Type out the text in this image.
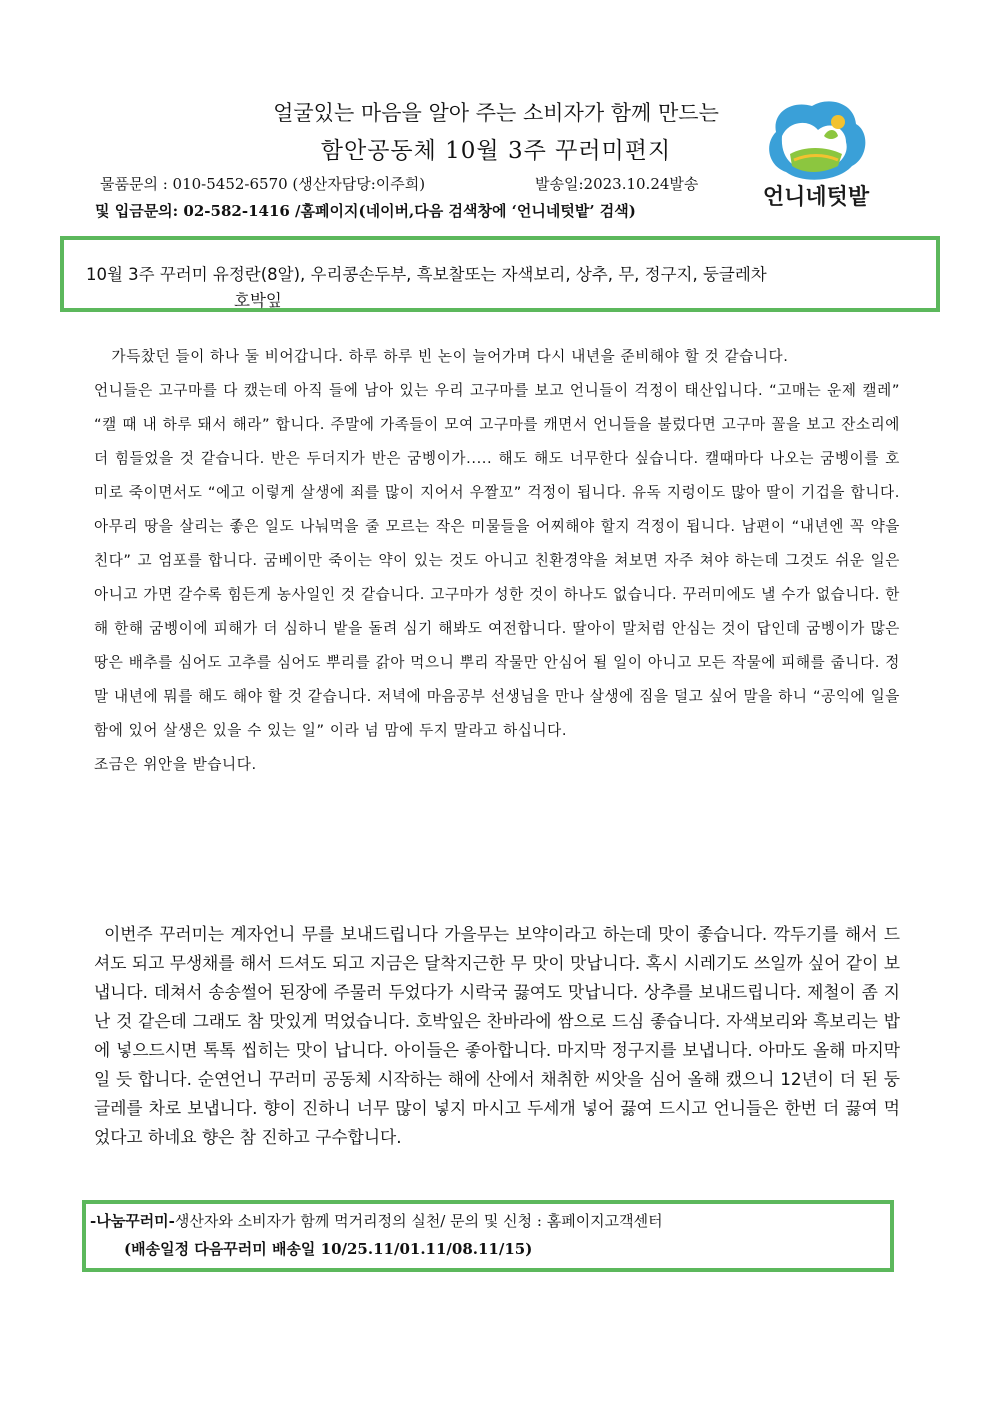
얼굴있는 마음을 알아 주는 소비자가 함께 만드는
함안공동체 10월 3주 꾸러미편지
언니네텃밭
물품문의 : 010-5452-6570 (생산자담당:이주희)	발송일:2023.10.24발송
및 입금문의: 02-582-1416 /홈페이지(네이버,다음 검색창에 ‘언니네텃밭’ 검색)
10월 3주 꾸러미 유정란(8알), 우리콩손두부, 흑보찰또는 자색보리, 상추, 무, 정구지, 둥글레차
호박잎

가득찼던 들이 하나 둘 비어갑니다. 하루 하루 빈 논이 늘어가며 다시 내년을 준비해야 할 것 같습니다.

언니들은 고구마를 다 캤는데 아직 들에 남아 있는 우리 고구마를 보고 언니들이 걱정이 태산입니다. “고매는 운제 캘레” “캘 때 내 하루 돼서 해라” 합니다. 주말에 가족들이 모여 고구마를 캐면서 언니들을 불렀다면 고구마 꼴을 보고 잔소리에 더 힘들었을 것 같습니다. 반은 두더지가 반은 굼벵이가..... 해도 해도 너무한다 싶습니다. 캘때마다 나오는 굼벵이를 호미로 죽이면서도 “에고 이렇게 살생에 죄를 많이 지어서 우짤꼬” 걱정이 됩니다. 유독 지렁이도 많아 딸이 기겁을 합니다. 아무리 땅을 살리는 좋은 일도 나눠먹을 줄 모르는 작은 미물들을 어찌해야 할지 걱정이 됩니다. 남편이 “내년엔 꼭 약을 친다” 고 엄포를 합니다. 굼베이만 죽이는 약이 있는 것도 아니고 친환경약을 쳐보면 자주 쳐야 하는데 그것도 쉬운 일은 아니고 가면 갈수록 힘든게 농사일인 것 같습니다. 고구마가 성한 것이 하나도 없습니다. 꾸러미에도 낼 수가 없습니다. 한해 한해 굼벵이에 피해가 더 심하니 밭을 돌려 심기 해봐도 여전합니다. 딸아이 말처럼 안심는 것이 답인데 굼벵이가 많은 땅은 배추를 심어도 고추를 심어도 뿌리를 갉아 먹으니 뿌리 작물만 안심어 될 일이 아니고 모든 작물에 피해를 줍니다. 정말 내년에 뭐를 해도 해야 할 것 같습니다. 저녁에 마음공부 선생님을 만나 살생에 짐을 덜고 싶어 말을 하니 “공익에 일을 함에 있어 살생은 있을 수 있는 일” 이라 넘 맘에 두지 말라고 하십니다.

조금은 위안을 받습니다.

이번주 꾸러미는 계자언니 무를 보내드립니다 가을무는 보약이라고 하는데 맛이 좋습니다. 깍두기를 해서 드셔도 되고 무생채를 해서 드셔도 되고 지금은 달착지근한 무 맛이 맛납니다. 혹시 시레기도 쓰일까 싶어 같이 보냅니다. 데쳐서 송송썰어 된장에 주물러 두었다가 시락국 끓여도 맛납니다. 상추를 보내드립니다. 제철이 좀 지난 것 같은데 그래도 참 맛있게 먹었습니다. 호박잎은 찬바라에 쌈으로 드심 좋습니다. 자색보리와 흑보리는 밥에 넣으드시면 톡톡 씹히는 맛이 납니다. 아이들은 좋아합니다. 마지막 정구지를 보냅니다. 아마도 올해 마지막일 듯 합니다. 순연언니 꾸러미 공동체 시작하는 해에 산에서 채취한 씨앗을 심어 올해 캤으니 12년이 더 된 둥글레를 차로 보냅니다. 향이 진하니 너무 많이 넣지 마시고 두세개 넣어 끓여 드시고 언니들은 한번 더 끓여 먹었다고 하네요 향은 참 진하고 구수합니다.

-나눔꾸러미-생산자와 소비자가 함께 먹거리정의 실천/ 문의 및 신청 : 홈페이지고객센터
(배송일정 다음꾸러미 배송일 10/25.11/01.11/08.11/15)
